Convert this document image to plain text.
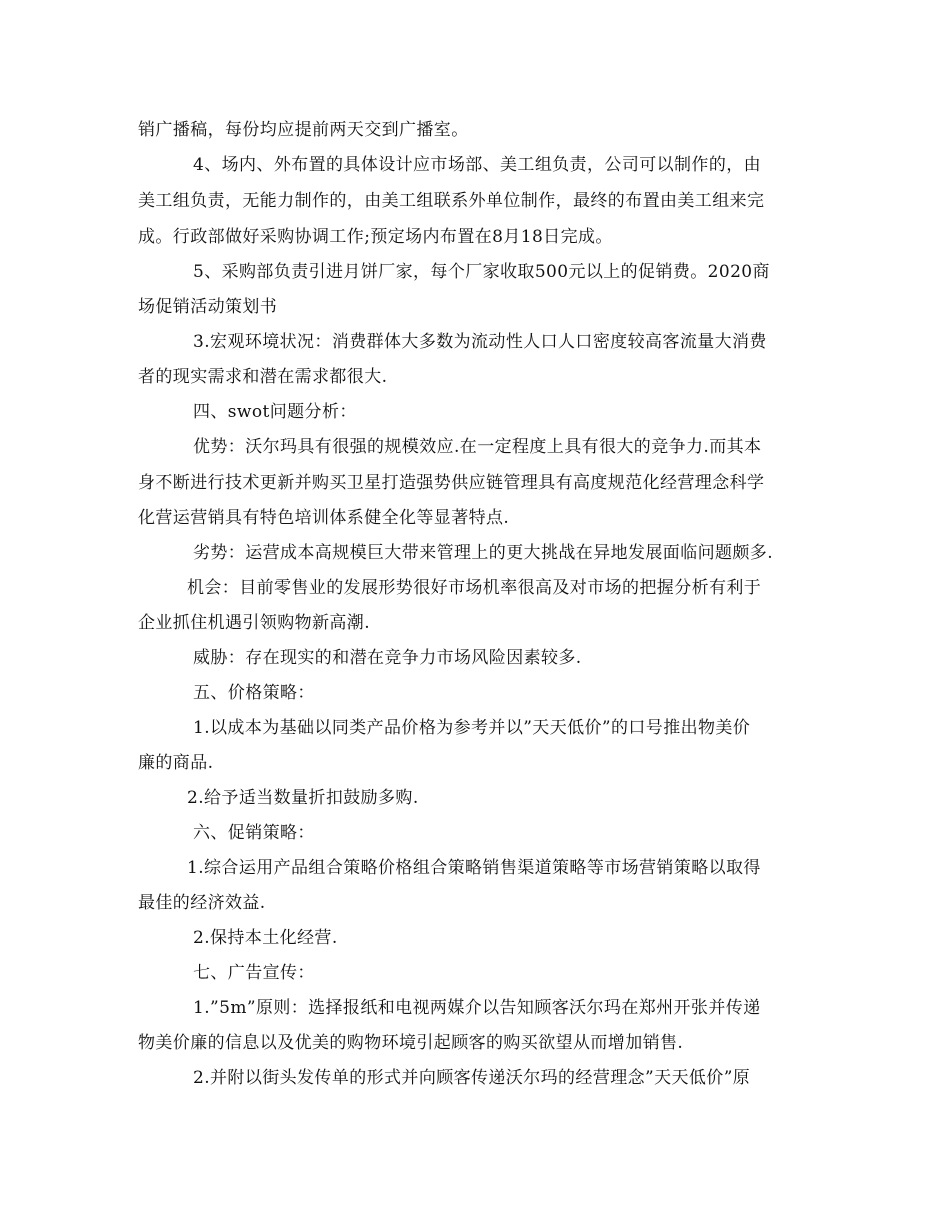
销广播稿，每份均应提前两天交到广播室。
4、场内、外布置的具体设计应市场部、美工组负责，公司可以制作的，由
美工组负责，无能力制作的，由美工组联系外单位制作，最终的布置由美工组来完
成。行政部做好采购协调工作;预定场内布置在8月18日完成。
5、采购部负责引进月饼厂家，每个厂家收取500元以上的促销费。2020商
场促销活动策划书
3.宏观环境状况：消费群体大多数为流动性人口人口密度较高客流量大消费
者的现实需求和潜在需求都很大.
四、swot问题分析：
优势：沃尔玛具有很强的规模效应.在一定程度上具有很大的竞争力.而其本
身不断进行技术更新并购买卫星打造强势供应链管理具有高度规范化经营理念科学
化营运营销具有特色培训体系健全化等显著特点.
劣势：运营成本高规模巨大带来管理上的更大挑战在异地发展面临问题颇多.
机会：目前零售业的发展形势很好市场机率很高及对市场的把握分析有利于
企业抓住机遇引领购物新高潮.
威胁：存在现实的和潜在竞争力市场风险因素较多.
五、价格策略：
1.以成本为基础以同类产品价格为参考并以”天天低价”的口号推出物美价
廉的商品.
2.给予适当数量折扣鼓励多购.
六、促销策略：
1.综合运用产品组合策略价格组合策略销售渠道策略等市场营销策略以取得
最佳的经济效益.
2.保持本土化经营.
七、广告宣传：
1.”5m”原则：选择报纸和电视两媒介以告知顾客沃尔玛在郑州开张并传递
物美价廉的信息以及优美的购物环境引起顾客的购买欲望从而增加销售.
2.并附以街头发传单的形式并向顾客传递沃尔玛的经营理念”天天低价”原
